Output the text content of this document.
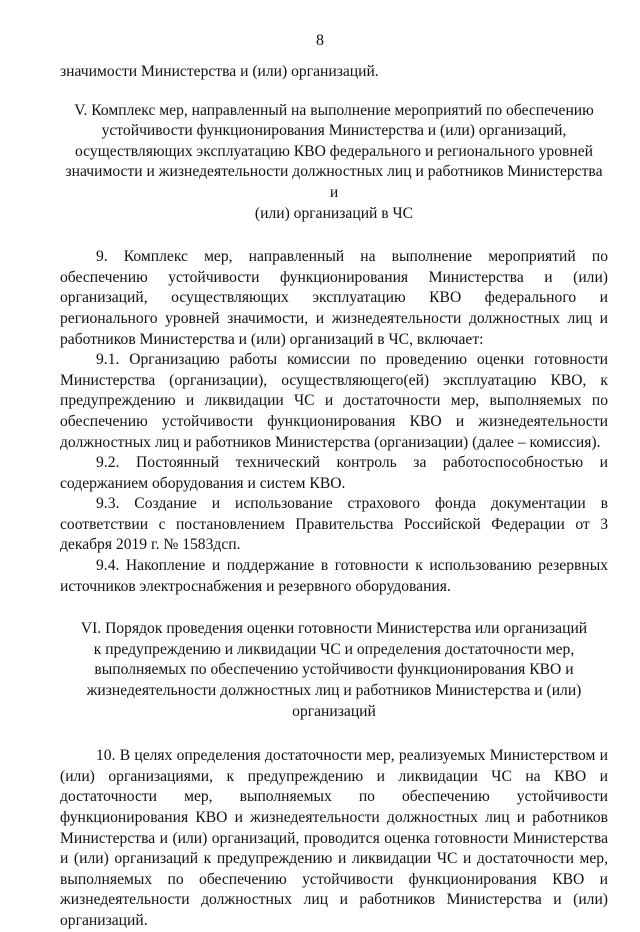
8

значимости Министерства и (или) организаций.

V. Комплекс мер, направленный на выполнение мероприятий по обеспечению
устойчивости функционирования Министерства и (или) организаций,
осуществляющих эксплуатацию КВО федерального и регионального уровней
значимости и жизнедеятельности должностных лиц и работников Министерства и
(или) организаций в ЧС

9. Комплекс мер, направленный на выполнение мероприятий по обеспечению устойчивости функционирования Министерства и (или) организаций, осуществляющих эксплуатацию КВО федерального и регионального уровней значимости, и жизнедеятельности должностных лиц и работников Министерства и (или) организаций в ЧС, включает:

9.1. Организацию работы комиссии по проведению оценки готовности Министерства (организации), осуществляющего(ей) эксплуатацию КВО, к предупреждению и ликвидации ЧС и достаточности мер, выполняемых по обеспечению устойчивости функционирования КВО и жизнедеятельности должностных лиц и работников Министерства (организации) (далее – комиссия).

9.2. Постоянный технический контроль за работоспособностью и содержанием оборудования и систем КВО.

9.3. Создание и использование страхового фонда документации в соответствии с постановлением Правительства Российской Федерации от 3 декабря 2019 г. № 1583дсп.

9.4. Накопление и поддержание в готовности к использованию резервных источников электроснабжения и резервного оборудования.

VI. Порядок проведения оценки готовности Министерства или организаций
к предупреждению и ликвидации ЧС и определения достаточности мер,
выполняемых по обеспечению устойчивости функционирования КВО и
жизнедеятельности должностных лиц и работников Министерства и (или)
организаций

10. В целях определения достаточности мер, реализуемых Министерством и (или) организациями, к предупреждению и ликвидации ЧС на КВО и достаточности мер, выполняемых по обеспечению устойчивости функционирования КВО и жизнедеятельности должностных лиц и работников Министерства и (или) организаций, проводится оценка готовности Министерства и (или) организаций к предупреждению и ликвидации ЧС и достаточности мер, выполняемых по обеспечению устойчивости функционирования КВО и жизнедеятельности должностных лиц и работников Министерства и (или) организаций.
